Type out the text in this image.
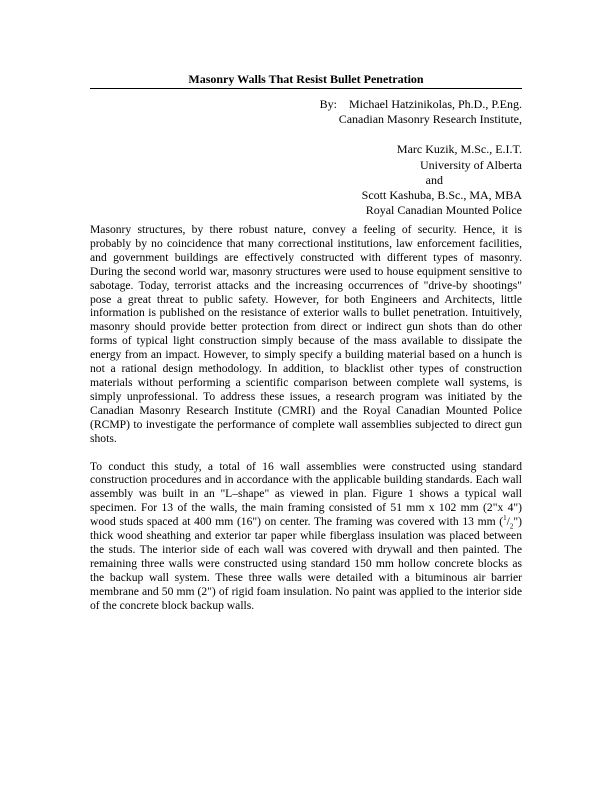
Masonry Walls That Resist Bullet Penetration
By: Michael Hatzinikolas, Ph.D., P.Eng.
Canadian Masonry Research Institute,
Marc Kuzik, M.Sc., E.I.T.
University of Alberta
and
Scott Kashuba, B.Sc., MA, MBA
Royal Canadian Mounted Police

Masonry structures, by there robust nature, convey a feeling of security. Hence, it is probably by no coincidence that many correctional institutions, law enforcement facilities, and government buildings are effectively constructed with different types of masonry. During the second world war, masonry structures were used to house equipment sensitive to sabotage. Today, terrorist attacks and the increasing occurrences of "drive-by shootings" pose a great threat to public safety. However, for both Engineers and Architects, little information is published on the resistance of exterior walls to bullet penetration. Intuitively, masonry should provide better protection from direct or indirect gun shots than do other forms of typical light construction simply because of the mass available to dissipate the energy from an impact. However, to simply specify a building material based on a hunch is not a rational design methodology. In addition, to blacklist other types of construction materials without performing a scientific comparison between complete wall systems, is simply unprofessional. To address these issues, a research program was initiated by the Canadian Masonry Research Institute (CMRI) and the Royal Canadian Mounted Police (RCMP) to investigate the performance of complete wall assemblies subjected to direct gun shots.

To conduct this study, a total of 16 wall assemblies were constructed using standard construction procedures and in accordance with the applicable building standards. Each wall assembly was built in an "L–shape" as viewed in plan. Figure 1 shows a typical wall specimen. For 13 of the walls, the main framing consisted of 51 mm x 102 mm (2"x 4") wood studs spaced at 400 mm (16") on center. The framing was covered with 13 mm $(^1/_2")$ thick wood sheathing and exterior tar paper while fiberglass insulation was placed between the studs. The interior side of each wall was covered with drywall and then painted. The remaining three walls were constructed using standard 150 mm hollow concrete blocks as the backup wall system. These three walls were detailed with a bituminous air barrier membrane and 50 mm (2") of rigid foam insulation. No paint was applied to the interior side of the concrete block backup walls.
